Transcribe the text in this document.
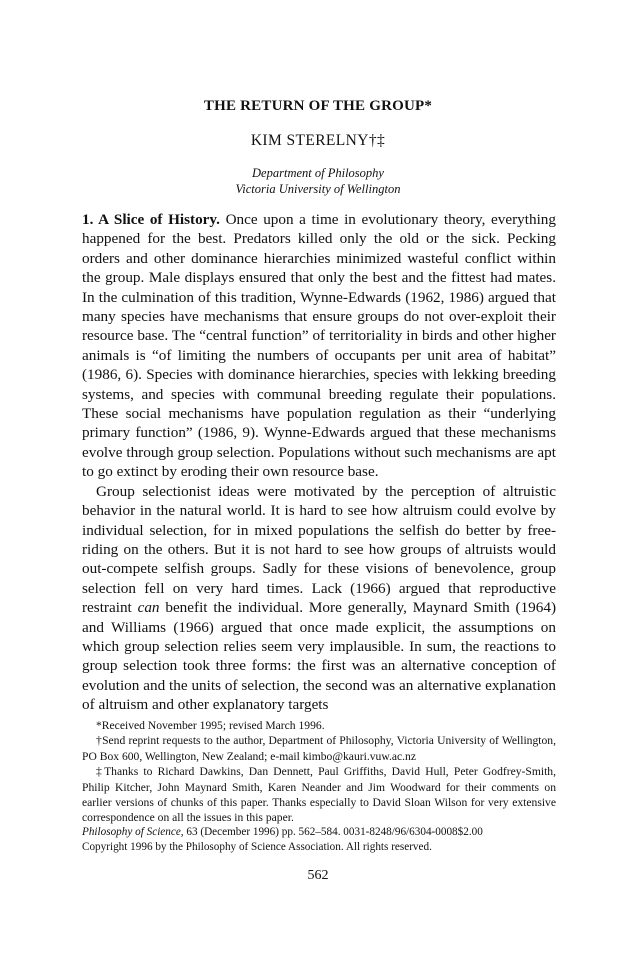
THE RETURN OF THE GROUP*
KIM STERELNY†‡
Department of Philosophy
Victoria University of Wellington

1. A Slice of History. Once upon a time in evolutionary theory, everything happened for the best. Predators killed only the old or the sick. Pecking orders and other dominance hierarchies minimized wasteful conflict within the group. Male displays ensured that only the best and the fittest had mates. In the culmination of this tradition, Wynne-Edwards (1962, 1986) argued that many species have mechanisms that ensure groups do not over-exploit their resource base. The “central function” of territoriality in birds and other higher animals is “of limiting the numbers of occupants per unit area of habitat” (1986, 6). Species with dominance hierarchies, species with lekking breeding systems, and species with communal breeding regulate their populations. These social mechanisms have population regulation as their “underlying primary function” (1986, 9). Wynne-Edwards argued that these mechanisms evolve through group selection. Populations without such mechanisms are apt to go extinct by eroding their own resource base.

Group selectionist ideas were motivated by the perception of altruistic behavior in the natural world. It is hard to see how altruism could evolve by individual selection, for in mixed populations the selfish do better by free-riding on the others. But it is not hard to see how groups of altruists would out-compete selfish groups. Sadly for these visions of benevolence, group selection fell on very hard times. Lack (1966) argued that reproductive restraint can benefit the individual. More generally, Maynard Smith (1964) and Williams (1966) argued that once made explicit, the assumptions on which group selection relies seem very implausible. In sum, the reactions to group selection took three forms: the first was an alternative conception of evolution and the units of selection, the second was an alternative explanation of altruism and other explanatory targets

*Received November 1995; revised March 1996.

†Send reprint requests to the author, Department of Philosophy, Victoria University of Wellington, PO Box 600, Wellington, New Zealand; e-mail kimbo@kauri.vuw.ac.nz

‡Thanks to Richard Dawkins, Dan Dennett, Paul Griffiths, David Hull, Peter Godfrey-Smith, Philip Kitcher, John Maynard Smith, Karen Neander and Jim Woodward for their comments on earlier versions of chunks of this paper. Thanks especially to David Sloan Wilson for very extensive correspondence on all the issues in this paper.

Philosophy of Science, 63 (December 1996) pp. 562–584. 0031-8248/96/6304-0008$2.00
Copyright 1996 by the Philosophy of Science Association. All rights reserved.
562
